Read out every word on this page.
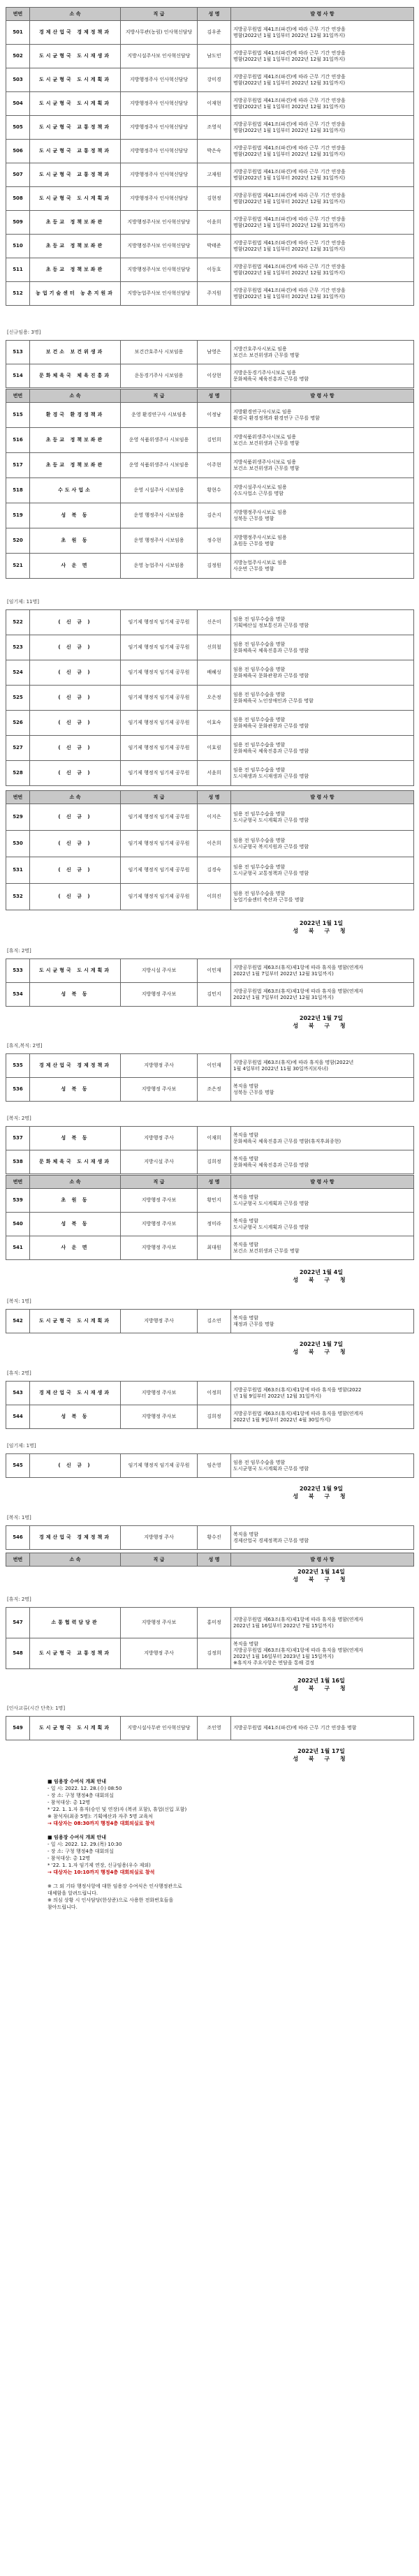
번번	소 속	직 급	성 명	발 령 사 항
501	경제산업국 경제정책과	지방사무관(농림) 인사혁신담당	김우준	지방공무원법 제41조(파견)에 따라 근무 기간 연장을
명함(2022년 1월 1일부터 2022년 12월 31일까지)

502	도시균형국 도시재생과	지방시설주사보 인사혁신담당	남도민	지방공무원법 제41조(파견)에 따라 근무 기간 연장을
명함(2022년 1월 1일부터 2022년 12월 31일까지)

503	도시균형국 도시계획과	지방행정주사 인사혁신담당	강미경	지방공무원법 제41조(파견)에 따라 근무 기간 연장을
명함(2022년 1월 1일부터 2022년 12월 31일까지)

504	도시균형국 도시계획과	지방행정주사 인사혁신담당	이재현	지방공무원법 제41조(파견)에 따라 근무 기간 연장을
명함(2022년 1월 1일부터 2022년 12월 31일까지)

505	도시균형국 교통정책과	지방행정주사 인사혁신담당	조영석	지방공무원법 제41조(파견)에 따라 근무 기간 연장을
명함(2022년 1월 1일부터 2022년 12월 31일까지)

506	도시균형국 교통정책과	지방행정주사 인사혁신담당	박은숙	지방공무원법 제41조(파견)에 따라 근무 기간 연장을
명함(2022년 1월 1일부터 2022년 12월 31일까지)

507	도시균형국 교통정책과	지방행정주사 인사혁신담당	고재원	지방공무원법 제41조(파견)에 따라 근무 기간 연장을
명함(2022년 1월 1일부터 2022년 12월 31일까지)

508	도시균형국 도시계획과	지방행정주사 인사혁신담당	김현정	지방공무원법 제41조(파견)에 따라 근무 기간 연장을
명함(2022년 1월 1일부터 2022년 12월 31일까지)

509	초등교 정책보좌관	지방행정주사보 인사혁신담당	이윤희	지방공무원법 제41조(파견)에 따라 근무 기간 연장을
명함(2022년 1월 1일부터 2022년 12월 31일까지)

510	초등교 정책보좌관	지방행정주사보 인사혁신담당	박태준	지방공무원법 제41조(파견)에 따라 근무 기간 연장을
명함(2022년 1월 1일부터 2022년 12월 31일까지)

511	초등교 정책보좌관	지방행정주사보 인사혁신담당	이동호	지방공무원법 제41조(파견)에 따라 근무 기간 연장을
명함(2022년 1월 1일부터 2022년 12월 31일까지)

512	농업기술센터 농촌지원과	지방농업주사보 인사혁신담당	주지원	지방공무원법 제41조(파견)에 따라 근무 기간 연장을
명함(2022년 1월 1일부터 2022년 12월 31일까지)
[신규임용: 3명]
513	보건소 보건위생과	보건간호주사 시보임용	남영은	지방간호주사시보로 임용
보건소 보건위생과 근무를 명함

514	문화체육국 체육진흥과	운동경기주사 시보임용	이상현	지방운동경기주사시보로 임용
문화체육국 체육진흥과 근무를 명함
번번	소 속	직 급	성 명	발 령 사 항
515	환경국 환경정책과	운영 환경연구사 시보임용	이정남	지방환경연구사시보로 임용
환경국 환경정책과 환경연구 근무를 명함

516	초등교 정책보좌관	운영 식품위생주사 시보임용	김민희	지방식품위생주사시보로 임용
보건소 보건위생과 근무를 명함

517	초등교 정책보좌관	운영 식품위생주사 시보임용	이주현	지방식품위생주사시보로 임용
보건소 보건위생과 근무를 명함

518	수도사업소	운영 시설주사 시보임용	황현수	지방시설주사시보로 임용
수도사업소 근무를 명함

519	성 북 동	운영 행정주사 시보임용	김은지	지방행정주사시보로 임용
성북동 근무를 명함

520	초 원 동	운영 행정주사 시보임용	정수현	지방행정주사시보로 임용
초원동 근무를 명함

521	사 운 면	운영 농업주사 시보임용	김정원	지방농업주사시보로 임용
사운면 근무를 명함
[임기제: 11명]
522	( 신 규 )	임기제 행정직 임기제 공무원	신은미	임용 전 임무수습을 명함
기획예산실 정보통신과 근무를 명함

523	( 신 규 )	임기제 행정직 임기제 공무원	신희철	임용 전 임무수습을 명함
문화체육국 체육진흥과 근무를 명함

524	( 신 규 )	임기제 행정직 임기제 공무원	배혜성	임용 전 임무수습을 명함
문화체육국 문화관광과 근무를 명함

525	( 신 규 )	임기제 행정직 임기제 공무원	오은정	임용 전 임무수습을 명함
문화체육국 노인장애인과 근무를 명함

526	( 신 규 )	임기제 행정직 임기제 공무원	이효숙	임용 전 임무수습을 명함
문화체육국 문화관광과 근무를 명함

527	( 신 규 )	임기제 행정직 임기제 공무원	이효림	임용 전 임무수습을 명함
문화체육국 체육진흥과 근무를 명함

528	( 신 규 )	임기제 행정직 임기제 공무원	서윤희	임용 전 임무수습을 명함
도시재생과 도시재생과 근무를 명함
번번	소 속	직 급	성 명	발 령 사 항
529	( 신 규 )	임기제 행정직 임기제 공무원	이지은	임용 전 임무수습을 명함
도시균형국 도시계획과 근무를 명함

530	( 신 규 )	임기제 행정직 임기제 공무원	이은희	임용 전 임무수습을 명함
도시균형국 복지지원과 근무를 명함

531	( 신 규 )	임기제 행정직 임기제 공무원	김경숙	임용 전 임무수습을 명함
도시균형국 교통정책과 근무를 명함

532	( 신 규 )	임기제 행정직 임기제 공무원	이희진	임용 전 임무수습을 명함
농업기술센터 축산과 근무를 명함
2022년 1월 1일
성 북 구 청
[휴직: 2명]
533	도시균형국 도시계획과	지방시설 주사보	이민재	지방공무원법 제63조(휴직)제1항에 따라 휴직을 명함(연계자
2022년 1월 7일부터 2022년 12월 31일까지)

534	성 북 동	지방행정 주사보	김민지	지방공무원법 제63조(휴직)제1항에 따라 휴직을 명함(연계자
2022년 1월 7일부터 2022년 12월 31일까지)
2022년 1월 7일
성 북 구 청
[휴직,복직: 2명]
535	경제산업국 경제정책과	지방행정 주사	이인재	지방공무원법 제63조(휴직)에 따라 휴직을 명함(2022년
1월 4일부터 2022년 11월 30일까지)(자녀)

536	성 북 동	지방행정 주사보	조은정	복직을 명함
성북동 근무를 명함
[복직: 2명]
537	성 북 동	지방행정 주사	이재희	복직을 명함
문화체육국 체육진흥과 근무를 명함(휴직후최종현)

538	문화체육국 도시재생과	지방시설 주사	김희정	복직을 명함
문화체육국 체육진흥과 근무를 명함
번번	소 속	직 급	성 명	발 령 사 항
539	초 원 동	지방행정 주사보	황민지	복직을 명함
도시균형국 도시계획과 근무를 명함

540	성 북 동	지방행정 주사보	정미라	복직을 명함
도시균형국 도시계획과 근무를 명함

541	사 운 면	지방행정 주사보	최대원	복직을 명함
보건소 보건위생과 근무를 명함
2022년 1월 4일
성 북 구 청
[복직: 1명]
542	도시균형국 도시계획과	지방행정 주사	김소연	
복직을 명함
재정과 근무를 명함
2022년 1월 7일
성 북 구 청
[휴직: 2명]
543	경제산업국 도시재생과	지방행정 주사보	이정희	지방공무원법 제63조(휴직)제1항에 따라 휴직을 명함(2022
년 1월 9일부터 2022년 12월 31일까지)

544	성 북 동	지방행정 주사보	김희정	지방공무원법 제63조(휴직)제1항에 따라 휴직을 명함(연계자
2022년 1월 9일부터 2022년 4월 30일까지)
[임기제: 1명]
545	( 신 규 )	임기제 행정직 임기제 공무원	임은영	
임용 전 임무수습을 명함
도시균형국 도시계획과 근무를 명함
2022년 1월 9일
성 북 구 청
[복직: 1명]
546	경제산업국 경제정책과	지방행정 주사	황수진	
복직을 명함
경제산업국 경제정책과 근무를 명함
번번	소 속	직 급	성 명	발 령 사 항
2022년 1월 14일
성 북 구 청
[휴직: 2명]
547	소통협력담당관	지방행정 주사보	홍미정	지방공무원법 제63조(휴직)제1항에 따라 휴직을 명함(연계자
2022년 1월 16일부터 2022년 7월 15일까지)

548	도시균형국 교통정책과	지방행정 주사	김정희	복직을 명함
지방공무원법 제63조(휴직)제1항에 따라 휴직을 명함(연계자
2022년 1월 16일부터 2023년 1월 15일까지)
※휴직자 주요사항은 면담을 통해 결정
2022년 1월 16일
성 북 구 청
[인사교류(시간 단축): 1명]
549	도시균형국 도시계획과	지방시설사무관 인사혁신담당	조인영	지방공무원법 제41조(파견)에 따라 근무 기간 연장을 명함
2022년 1월 17일
성 북 구 청
■ 임용장 수여식 개최 안내
- 일 시: 2022. 12. 28.(수) 08:50
- 장 소: 구청 행정4층 대회의실
- 참석대상: 총 12명
* '22. 1. 1.자 휴직(승인 및 연장)자 (복귀 포함), 휴업(신입 포함)
※ 참석자(최종 5명): 기획예산과 자주 5명 교육처
→ 대상자는 08:30까지 행정4층 대회의실로 참석
■ 임용장 수여식 개최 안내
- 일 시: 2022. 12. 29.(목) 10:30
- 장 소: 구청 행정4층 대회의실
- 참석대상: 총 12명
* '22. 1. 1.자 임기제 연장, 신규임용(우수 제외)
→ 대상자는 10:10까지 행정4층 대회의실로 참석
※ 그 외 기타 행정사항에 대한 임용장 수여식은 인사행정관으로
대체함을 알려드립니다.
※ 의심 상황 시 인사담당(한상준)으로 사용한 전화번호들을
참아드립니다.
